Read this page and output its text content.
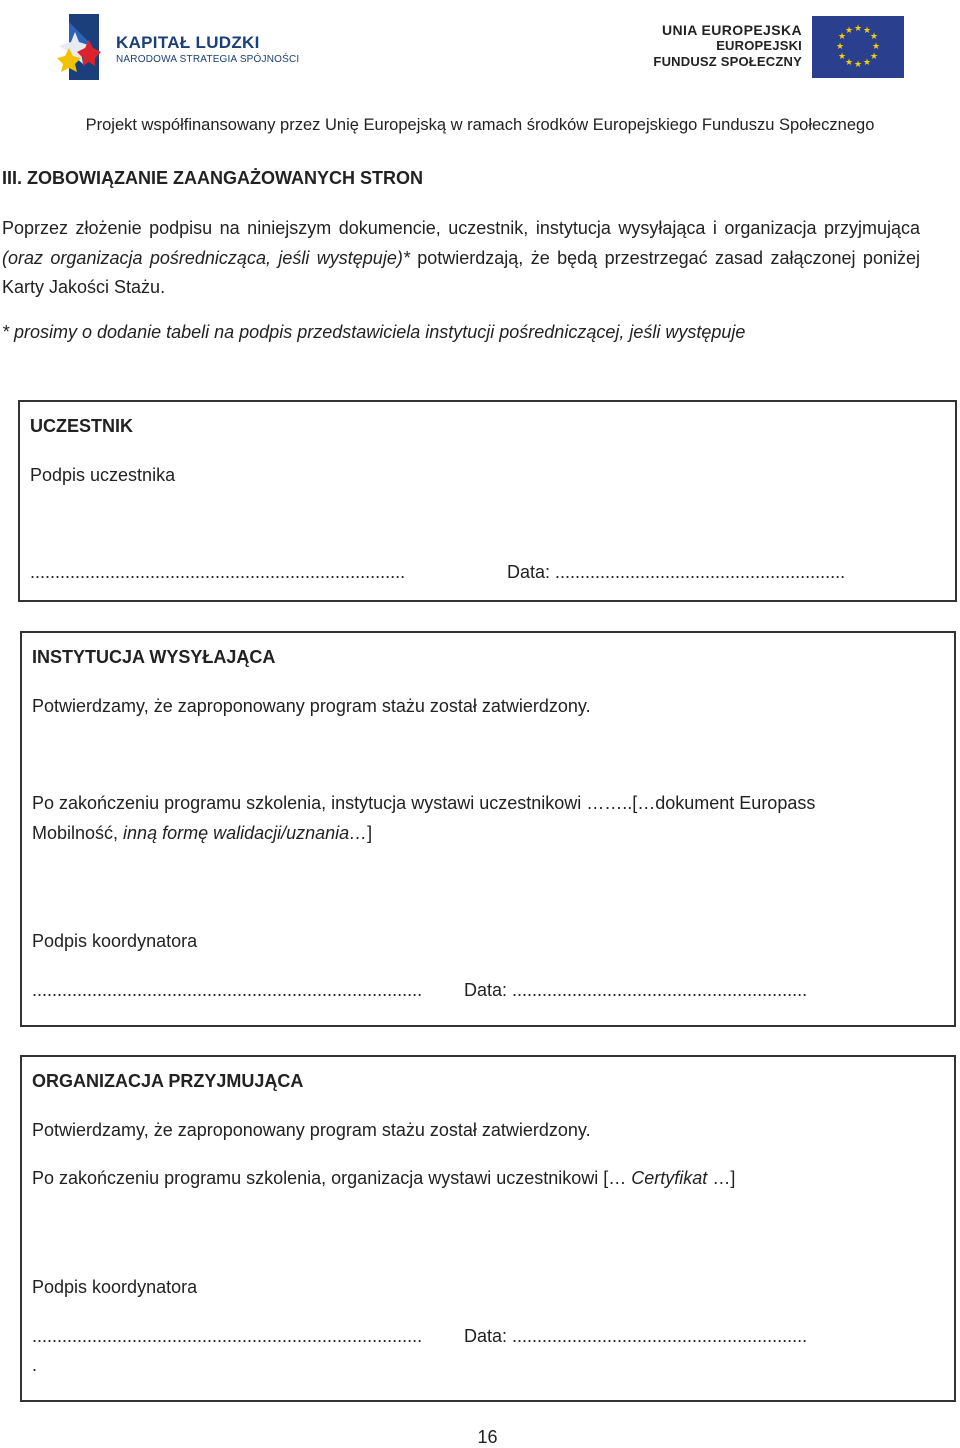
KAPITAŁ LUDZKI
NARODOWA STRATEGIA SPÓJNOŚCI
UNIA EUROPEJSKA
EUROPEJSKI
FUNDUSZ SPOŁECZNY
★ ★
★
★
★
★
★
★
★
★
★
★
Projekt współfinansowany przez Unię Europejską w ramach środków Europejskiego Funduszu Społecznego
III. ZOBOWIĄZANIE ZAANGAŻOWANYCH STRON
Poprzez złożenie podpisu na niniejszym dokumencie, uczestnik, instytucja wysyłająca i organizacja przyjmująca (oraz organizacja pośrednicząca, jeśli występuje)* potwierdzają, że będą przestrzegać zasad załączonej poniżej Karty Jakości Stażu.
* prosimy o dodanie tabeli na podpis przedstawiciela instytucji pośredniczącej, jeśli występuje
UCZESTNIK
Podpis uczestnika
...........................................................................	Data: ..........................................................
INSTYTUCJA WYSYŁAJĄCA
Potwierdzamy, że zaproponowany program stażu został zatwierdzony.
Po zakończeniu programu szkolenia, instytucja wystawi uczestnikowi ……..[…dokument Europass
Mobilność, inną formę walidacji/uznania…]
Podpis koordynatora
.............................................................................. Data: ...........................................................
ORGANIZACJA PRZYJMUJĄCA
Potwierdzamy, że zaproponowany program stażu został zatwierdzony.
Po zakończeniu programu szkolenia, organizacja wystawi uczestnikowi [… Certyfikat …]
Podpis koordynatora
.............................................................................. Data: ...........................................................
.
16
